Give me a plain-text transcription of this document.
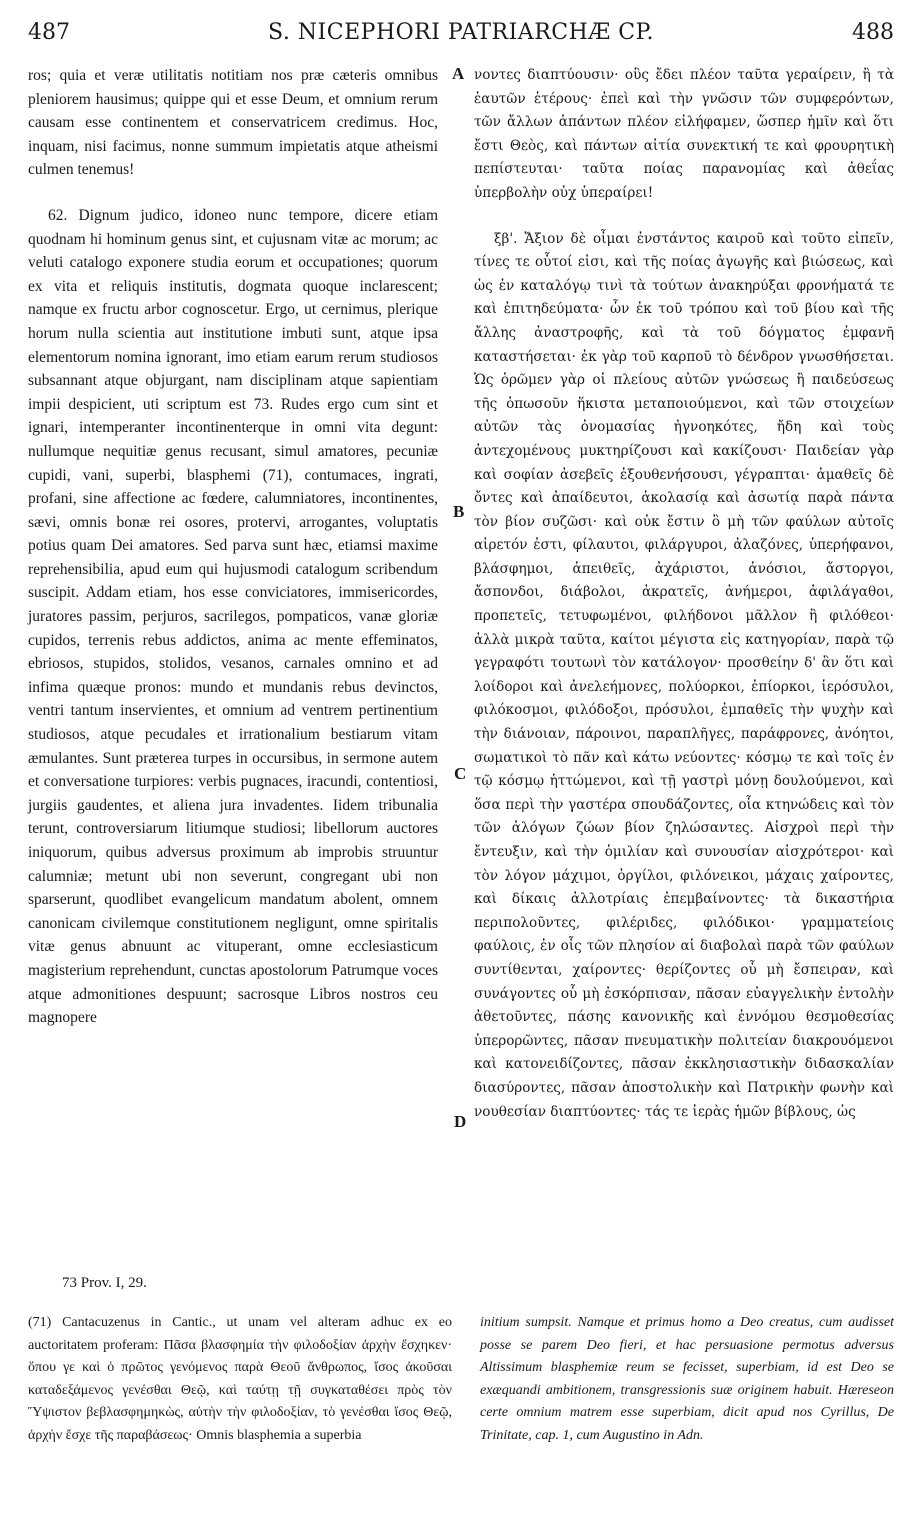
487	S. NICEPHORI PATRIARCHÆ CP.	488

ros; quia et veræ utilitatis notitiam nos præ cæteris omnibus pleniorem hausimus; quippe qui et esse Deum, et omnium rerum causam esse continentem et conservatricem credimus. Hoc, inquam, nisi facimus, nonne summum impietatis atque atheismi culmen tenemus!

62. Dignum judico, idoneo nunc tempore, dicere etiam quodnam hi hominum genus sint, et cujusnam vitæ ac morum; ac veluti catalogo exponere studia eorum et occupationes; quorum ex vita et reliquis institutis, dogmata quoque inclarescent; namque ex fructu arbor cognoscetur. Ergo, ut cernimus, plerique horum nulla scientia aut institutione imbuti sunt, atque ipsa elementorum nomina ignorant, imo etiam earum rerum studiosos subsannant atque objurgant, nam disciplinam atque sapientiam impii despicient, uti scriptum est 73. Rudes ergo cum sint et ignari, intemperanter incontinenterque in omni vita degunt: nullumque nequitiæ genus recusant, simul amatores, pecuniæ cupidi, vani, superbi, blasphemi (71), contumaces, ingrati, profani, sine affectione ac fœdere, calumniatores, incontinentes, sævi, omnis bonæ rei osores, protervi, arrogantes, voluptatis potius quam Dei amatores. Sed parva sunt hæc, etiamsi maxime reprehensibilia, apud eum qui hujusmodi catalogum scribendum suscipit. Addam etiam, hos esse conviciatores, immisericordes, juratores passim, perjuros, sacrilegos, pompaticos, vanæ gloriæ cupidos, terrenis rebus addictos, anima ac mente effeminatos, ebriosos, stupidos, stolidos, vesanos, carnales omnino et ad infima quæque pronos: mundo et mundanis rebus devinctos, ventri tantum inservientes, et omnium ad ventrem pertinentium studiosos, atque pecudales et irrationalium bestiarum vitam æmulantes. Sunt præterea turpes in occursibus, in sermone autem et conversatione turpiores: verbis pugnaces, iracundi, contentiosi, jurgiis gaudentes, et aliena jura invadentes. Iidem tribunalia terunt, controversiarum litiumque studiosi; libellorum auctores iniquorum, quibus adversus proximum ab improbis struuntur calumniæ; metunt ubi non severunt, congregant ubi non sparserunt, quodlibet evangelicum mandatum abolent, omnem canonicam civilemque constitutionem negligunt, omne spiritalis vitæ genus abnuunt ac vituperant, omne ecclesiasticum magisterium reprehendunt, cunctas apostolorum Patrumque voces atque admonitiones despuunt; sacrosque Libros nostros ceu magnopere

A
B
C
D

νοντες διαπτύουσιν· οὓς ἔδει πλέον ταῦτα γεραίρειν, ἢ τὰ ἑαυτῶν ἑτέρους· ἐπεὶ καὶ τὴν γνῶσιν τῶν συμφερόντων, τῶν ἄλλων ἁπάντων πλέον εἰλήφαμεν, ὥσπερ ἡμῖν καὶ ὅτι ἔστι Θεὸς, καὶ πάντων αἰτία συνεκτική τε καὶ φρουρητικὴ πεπίστευται· ταῦτα ποίας παρανομίας καὶ ἀθεΐας ὑπερβολὴν οὐχ ὑπεραίρει!

ξβ'. Ἄξιον δὲ οἶμαι ἐνστάντος καιροῦ καὶ τοῦτο εἰπεῖν, τίνες τε οὗτοί εἰσι, καὶ τῆς ποίας ἀγωγῆς καὶ βιώσεως, καὶ ὡς ἐν καταλόγῳ τινὶ τὰ τούτων ἀνακηρύξαι φρονήματά τε καὶ ἐπιτηδεύματα· ὧν ἐκ τοῦ τρόπου καὶ τοῦ βίου καὶ τῆς ἄλλης ἀναστροφῆς, καὶ τὰ τοῦ δόγματος ἐμφανῆ καταστήσεται· ἐκ γὰρ τοῦ καρποῦ τὸ δένδρον γνωσθήσεται. Ὡς ὁρῶμεν γὰρ οἱ πλείους αὐτῶν γνώσεως ἢ παιδεύσεως τῆς ὁπωσοῦν ἥκιστα μεταποιούμενοι, καὶ τῶν στοιχείων αὐτῶν τὰς ὀνομασίας ἠγνοηκότες, ἤδη καὶ τοὺς ἀντεχομένους μυκτηρίζουσι καὶ κακίζουσι· Παιδείαν γὰρ καὶ σοφίαν ἀσεβεῖς ἐξουθενήσουσι, γέγραπται· ἀμαθεῖς δὲ ὄντες καὶ ἀπαίδευτοι, ἀκολασίᾳ καὶ ἀσωτίᾳ παρὰ πάντα τὸν βίον συζῶσι· καὶ οὐκ ἔστιν ὃ μὴ τῶν φαύλων αὐτοῖς αἱρετόν ἐστι, φίλαυτοι, φιλάργυροι, ἀλαζόνες, ὑπερήφανοι, βλάσφημοι, ἀπειθεῖς, ἀχάριστοι, ἀνόσιοι, ἄστοργοι, ἄσπονδοι, διάβολοι, ἀκρατεῖς, ἀνήμεροι, ἀφιλάγαθοι, προπετεῖς, τετυφωμένοι, φιλήδονοι μᾶλλον ἢ φιλόθεοι· ἀλλὰ μικρὰ ταῦτα, καίτοι μέγιστα εἰς κατηγορίαν, παρὰ τῷ γεγραφότι τουτωνὶ τὸν κατάλογον· προσθείην δ' ἂν ὅτι καὶ λοίδοροι καὶ ἀνελεήμονες, πολύορκοι, ἐπίορκοι, ἱερόσυλοι, φιλόκοσμοι, φιλόδοξοι, πρόσυλοι, ἐμπαθεῖς τὴν ψυχὴν καὶ τὴν διάνοιαν, πάροινοι, παραπλῆγες, παράφρονες, ἀνόητοι, σωματικοὶ τὸ πᾶν καὶ κάτω νεύοντες· κόσμῳ τε καὶ τοῖς ἐν τῷ κόσμῳ ἡττώμενοι, καὶ τῇ γαστρὶ μόνῃ δουλούμενοι, καὶ ὅσα περὶ τὴν γαστέρα σπουδάζοντες, οἷα κτηνώδεις καὶ τὸν τῶν ἀλόγων ζώων βίον ζηλώσαντες. Αἰσχροὶ περὶ τὴν ἔντευξιν, καὶ τὴν ὁμιλίαν καὶ συνουσίαν αἰσχρότεροι· καὶ τὸν λόγον μάχιμοι, ὀργίλοι, φιλόνεικοι, μάχαις χαίροντες, καὶ δίκαις ἀλλοτρίαις ἐπεμβαίνοντες· τὰ δικαστήρια περιπολοῦντες, φιλέριδες, φιλόδικοι· γραμματείοις φαύλοις, ἐν οἷς τῶν πλησίον αἱ διαβολαὶ παρὰ τῶν φαύλων συντίθενται, χαίροντες· θερίζοντες οὗ μὴ ἔσπειραν, καὶ συνάγοντες οὗ μὴ ἐσκόρπισαν, πᾶσαν εὐαγγελικὴν ἐντολὴν ἀθετοῦντες, πάσης κανονικῆς καὶ ἐννόμου θεσμοθεσίας ὑπερορῶντες, πᾶσαν πνευματικὴν πολιτείαν διακρουόμενοι καὶ κατονειδίζοντες, πᾶσαν ἐκκλησιαστικὴν διδασκαλίαν διασύροντες, πᾶσαν ἀποστολικὴν καὶ Πατρικὴν φωνὴν καὶ νουθεσίαν διαπτύοντες· τάς τε ἱερὰς ἡμῶν βίβλους, ὡς

73 Prov. I, 29.

(71) Cantacuzenus in Cantic., ut unam vel alteram adhuc ex eo auctoritatem proferam: Πᾶσα βλασφημία τὴν φιλοδοξίαν ἀρχὴν ἔσχηκεν· ὅπου γε καὶ ὁ πρῶτος γενόμενος παρὰ Θεοῦ ἄνθρωπος, ἴσος ἀκοῦσαι καταδεξάμενος γενέσθαι Θεῷ, καὶ ταύτῃ τῇ συγκαταθέσει πρὸς τὸν Ὕψιστον βεβλασφημηκὼς, αὐτὴν τὴν φιλοδοξίαν, τὸ γενέσθαι ἴσος Θεῷ, ἀρχὴν ἔσχε τῆς παραβάσεως· Omnis blasphemia a superbia

initium sumpsit. Namque et primus homo a Deo creatus, cum audisset posse se parem Deo fieri, et hac persuasione permotus adversus Altissimum blasphemiæ reum se fecisset, superbiam, id est Deo se exæquandi ambitionem, transgressionis suæ originem habuit. Hæreseon certe omnium matrem esse superbiam, dicit apud nos Cyrillus, De Trinitate, cap. 1, cum Augustino in Adn.
